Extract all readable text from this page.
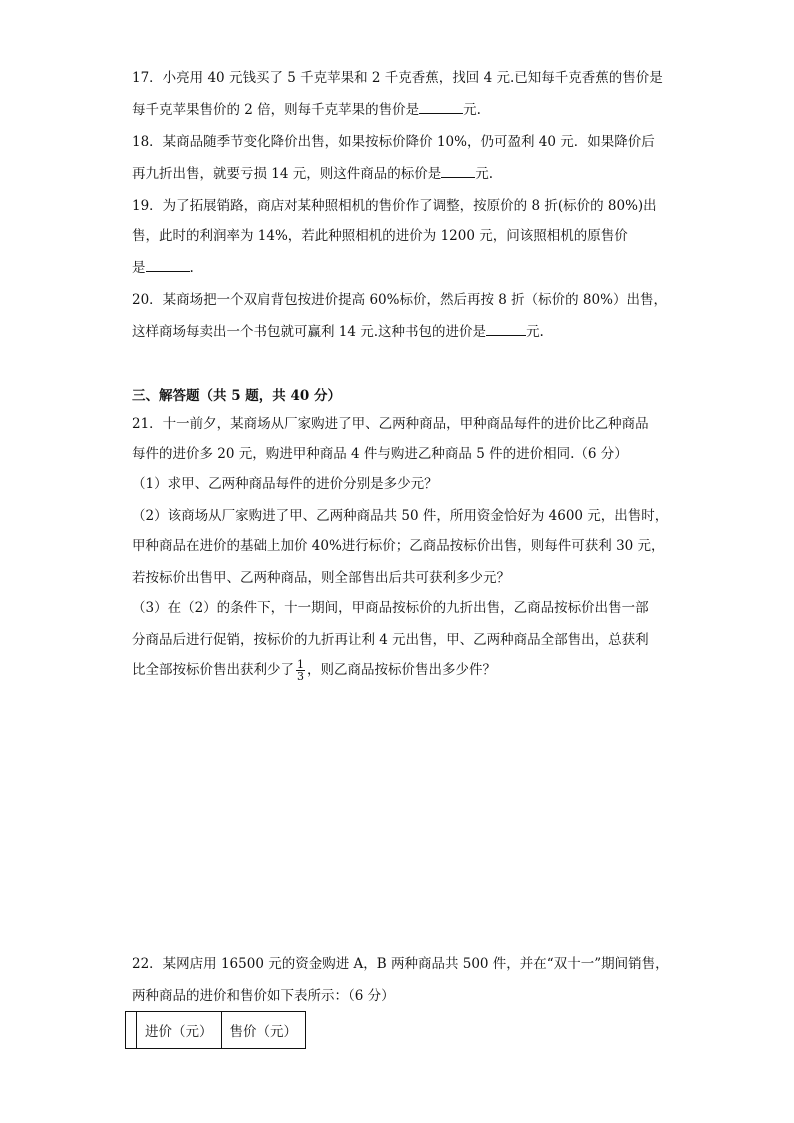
17．小亮用 40 元钱买了 5 千克苹果和 2 千克香蕉，找回 4 元.已知每千克香蕉的售价是
每千克苹果售价的 2 倍，则每千克苹果的售价是	元.
18．某商品随季节变化降价出售，如果按标价降价 10%，仍可盈利 40 元．如果降价后
再九折出售，就要亏损 14 元，则这件商品的标价是	元.
19．为了拓展销路，商店对某种照相机的售价作了调整，按原价的 8 折(标价的 80%)出
售，此时的利润率为 14%，若此种照相机的进价为 1200 元，问该照相机的原售价
是	.
20．某商场把一个双肩背包按进价提高 60%标价，然后再按 8 折（标价的 80%）出售，
这样商场每卖出一个书包就可赢利 14 元.这种书包的进价是	元.
三、解答题（共 5 题，共 40 分）
21．十一前夕，某商场从厂家购进了甲、乙两种商品，甲种商品每件的进价比乙种商品
每件的进价多 20 元，购进甲种商品 4 件与购进乙种商品 5 件的进价相同.（6 分）
（1）求甲、乙两种商品每件的进价分别是多少元？
（2）该商场从厂家购进了甲、乙两种商品共 50 件，所用资金恰好为 4600 元，出售时，
甲种商品在进价的基础上加价 40%进行标价；乙商品按标价出售，则每件可获利 30 元，
若按标价出售甲、乙两种商品，则全部售出后共可获利多少元？
（3）在（2）的条件下，十一期间，甲商品按标价的九折出售，乙商品按标价出售一部
分商品后进行促销，按标价的九折再让利 4 元出售，甲、乙两种商品全部售出，总获利
比全部按标价售出获利少了 $\frac{1}{3}$ ，则乙商品按标价售出多少件？
22．某网店用 16500 元的资金购进 A，B 两种商品共 500 件，并在“双十一”期间销售，
两种商品的进价和售价如下表所示：（6 分）
	进价（元）	售价（元）
